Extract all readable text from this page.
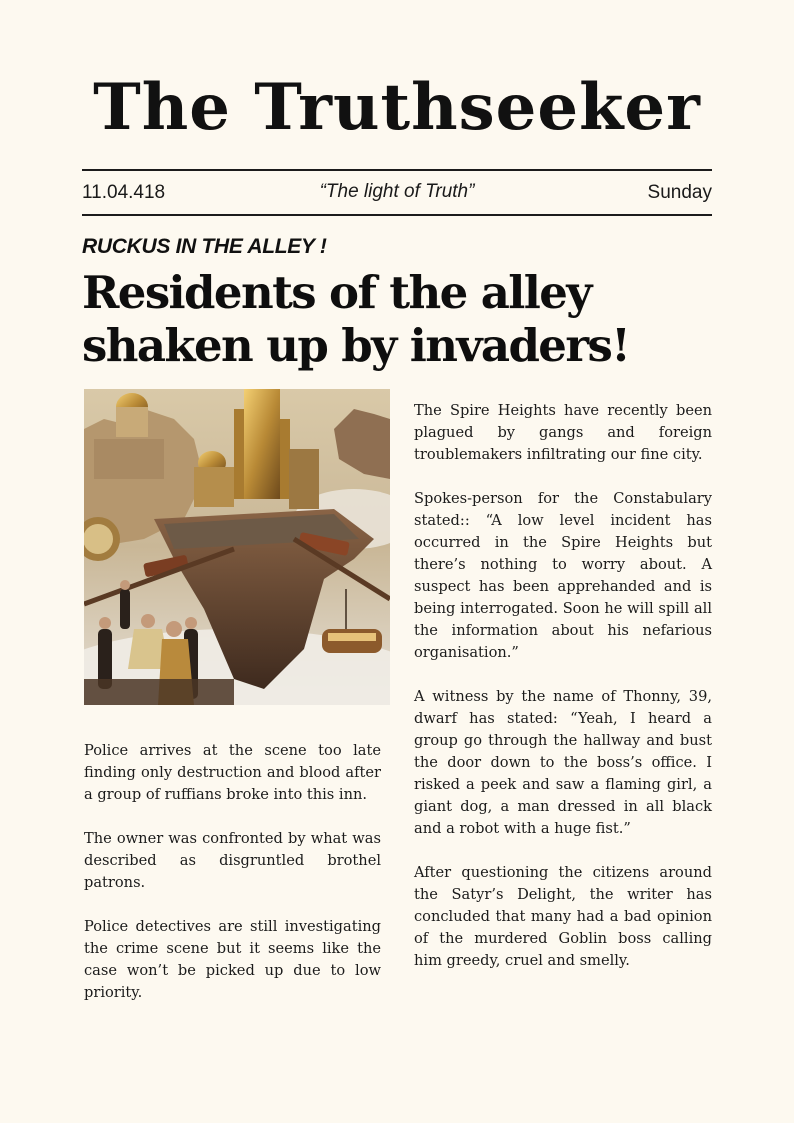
The Truthseeker
11.04.418	“The light of Truth”	Sunday
RUCKUS IN THE ALLEY !
Residents of the alley
shaken up by invaders!

Police arrives at the scene too late finding only destruction and blood after a group of ruffians broke into this inn.

The owner was confronted by what was described as disgruntled brothel patrons.

Police detectives are still investigating the crime scene but it seems like the case won’t be picked up due to low priority.

The Spire Heights have recently been plagued by gangs and foreign troublemakers infiltrating our fine city.

Spokes-person for the Constabulary stated:: “A low level incident has occurred in the Spire Heights but there’s nothing to worry about. A suspect has been apprehanded and is being interrogated. Soon he will spill all the information about his nefarious organisation.”

A witness by the name of Thonny, 39, dwarf has stated: “Yeah, I heard a group go through the hallway and bust the door down to the boss’s office. I risked a peek and saw a flaming girl, a giant dog, a man dressed in all black and a robot with a huge fist.”

After questioning the citizens around the Satyr’s Delight, the writer has concluded that many had a bad opinion of the murdered Goblin boss calling him greedy, cruel and smelly.
